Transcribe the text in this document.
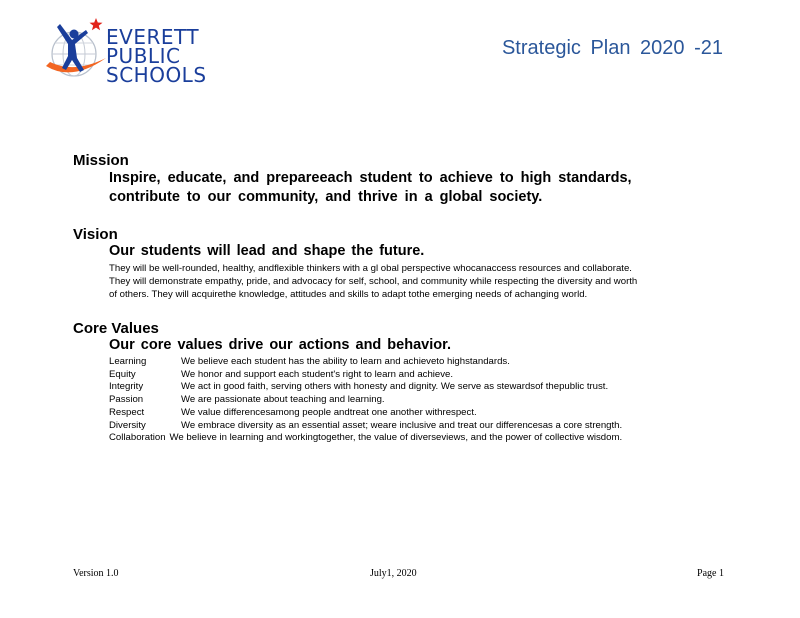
EVERETT
PUBLIC
SCHOOLS
Strategic Plan 2020 -21
Mission
Inspire, educate, and prepareeach student to achieve to high standards,
contribute to our community, and thrive in a global society.
Vision
Our students will lead and shape the future.
They will be well-rounded, healthy, andflexible thinkers with a gl obal perspective whocanaccess resources and collaborate.
They will demonstrate empathy, pride, and advocacy for self, school, and community while respecting the diversity and worth
of others. They will acquirethe knowledge, attitudes and skills to adapt tothe emerging needs of achanging world.
Core Values
Our core values drive our actions and behavior.
Learning	We believe each student has the ability to learn and achieveto highstandards.
Equity	We honor and support each student's right to learn and achieve.
Integrity	We act in good faith, serving others with honesty and dignity. We serve as stewardsof thepublic trust.
Passion	We are passionate about teaching and learning.
Respect	We value differencesamong people andtreat one another withrespect.
Diversity	We embrace diversity as an essential asset; weare inclusive and treat our differencesas a core strength.
Collaboration We believe in learning and workingtogether, the value of diverseviews, and the power of collective wisdom.
Version 1.0	July1, 2020	Page 1
